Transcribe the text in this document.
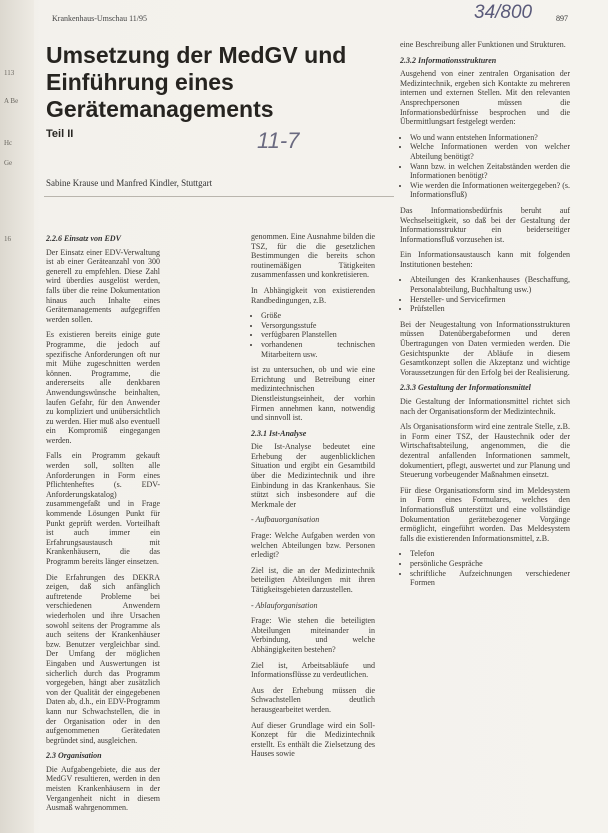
113
A Be
Hc
Ge
16
Krankenhaus-Umschau 11/95	34/800	897
Umsetzung der MedGV und Einführung eines Gerätemanagements
Teil II	11-7
Sabine Krause und Manfred Kindler, Stuttgart
2.2.6 Einsatz von EDV

Der Einsatz einer EDV-Verwaltung ist ab einer Geräteanzahl von 300 generell zu empfehlen. Diese Zahl wird überdies ausgelöst werden, falls über die reine Dokumentation hinaus auch Inhalte eines Gerätemanagements aufgegriffen werden sollen.

Es existieren bereits einige gute Programme, die jedoch auf spezifische Anforderungen oft nur mit Mühe zugeschnitten werden können. Programme, die andererseits alle denkbaren Anwendungswünsche beinhalten, laufen Gefahr, für den Anwender zu kompliziert und unübersichtlich zu werden. Hier muß also eventuell ein Kompromiß eingegangen werden.

Falls ein Programm gekauft werden soll, sollten alle Anforderungen in Form eines Pflichtenheftes (s. EDV-Anforderungskatalog) zusammengefaßt und in Frage kommende Lösungen Punkt für Punkt geprüft werden. Vorteilhaft ist auch immer ein Erfahrungsaustausch mit Krankenhäusern, die das Programm bereits länger einsetzen.

Die Erfahrungen des DEKRA zeigen, daß sich anfänglich auftretende Probleme bei verschiedenen Anwendern wiederholen und ihre Ursachen sowohl seitens der Programme als auch seitens der Krankenhäuser bzw. Benutzer vergleichbar sind. Der Umfang der möglichen Eingaben und Auswertungen ist sicherlich durch das Programm vorgegeben, hängt aber zusätzlich von der Qualität der eingegebenen Daten ab, d.h., ein EDV-Programm kann nur Schwachstellen, die in der Organisation oder in den aufgenommenen Gerätedaten begründet sind, ausgleichen.

2.3 Organisation

Die Aufgabengebiete, die aus der MedGV resultieren, werden in den meisten Krankenhäusern in der Vergangenheit nicht in diesem Ausmaß wahrgenommen.

genommen. Eine Ausnahme bilden die TSZ, für die die gesetzlichen Bestimmungen die bereits schon routinemäßigen Tätigkeiten zusammenfassen und konkretisieren.

In Abhängigkeit von existierenden Randbedingungen, z.B.

• Größe
• Versorgungsstufe
• verfügbaren Planstellen
• vorhandenen technischen Mitarbeitern usw.

ist zu untersuchen, ob und wie eine Errichtung und Betreibung einer medizintechnischen Dienstleistungseinheit, der vorhin Firmen annehmen kann, notwendig und sinnvoll ist.

2.3.1 Ist-Analyse

Die Ist-Analyse bedeutet eine Erhebung der augenblicklichen Situation und ergibt ein Gesamtbild über die Medizintechnik und ihre Einbindung in das Krankenhaus. Sie stützt sich insbesondere auf die Merkmale der

- Aufbauorganisation

Frage: Welche Aufgaben werden von welchen Abteilungen bzw. Personen erledigt?

Ziel ist, die an der Medizintechnik beteiligten Abteilungen mit ihren Tätigkeitsgebieten darzustellen.

- Ablauforganisation

Frage: Wie stehen die beteiligten Abteilungen miteinander in Verbindung, und welche Abhängigkeiten bestehen?

Ziel ist, Arbeitsabläufe und Informationsflüsse zu verdeutlichen.

Aus der Erhebung müssen die Schwachstellen deutlich herausgearbeitet werden.

Auf dieser Grundlage wird ein Soll-Konzept für die Medizintechnik erstellt. Es enthält die Zielsetzung des Hauses sowie

eine Beschreibung aller Funktionen und Strukturen.

2.3.2 Informationsstrukturen

Ausgehend von einer zentralen Organisation der Medizintechnik, ergeben sich Kontakte zu mehreren internen und externen Stellen. Mit den relevanten Ansprechpersonen müssen die Informationsbedürfnisse besprochen und die Übermittlungsart festgelegt werden:

• Wo und wann entstehen Informationen?
• Welche Informationen werden von welcher Abteilung benötigt?
• Wann bzw. in welchen Zeitabständen werden die Informationen benötigt?
• Wie werden die Informationen weitergegeben? (s. Informationsfluß)

Das Informationsbedürfnis beruht auf Wechselseitigkeit, so daß bei der Gestaltung der Informationsstruktur ein beiderseitiger Informationsfluß vorzusehen ist.

Ein Informationsaustausch kann mit folgenden Institutionen bestehen:

• Abteilungen des Krankenhauses (Beschaffung, Personalabteilung, Buchhaltung usw.)
• Hersteller- und Servicefirmen
• Prüfstellen

Bei der Neugestaltung von Informationsstrukturen müssen Datenübergabeformen und deren Übertragungen von Daten vermieden werden. Die Gesichtspunkte der Abläufe in diesem Gesamtkonzept sollen die Akzeptanz und wichtige Voraussetzungen für den Erfolg bei der Realisierung.

2.3.3 Gestaltung der Informationsmittel

Die Gestaltung der Informationsmittel richtet sich nach der Organisationsform der Medizintechnik.

Als Organisationsform wird eine zentrale Stelle, z.B. in Form einer TSZ, der Haustechnik oder der Wirtschaftsabteilung, angenommen, die die dezentral anfallenden Informationen sammelt, dokumentiert, pflegt, auswertet und zur Planung und Steuerung vorbeugender Maßnahmen einsetzt.

Für diese Organisationsform sind im Meldesystem in Form eines Formulares, welches den Informationsfluß unterstützt und eine vollständige Dokumentation gerätebezogener Vorgänge ermöglicht, eingeführt worden. Das Meldesystem falls die existierenden Informationsmittel, z.B.

• Telefon
• persönliche Gespräche
• schriftliche Aufzeichnungen verschiedener Formen
